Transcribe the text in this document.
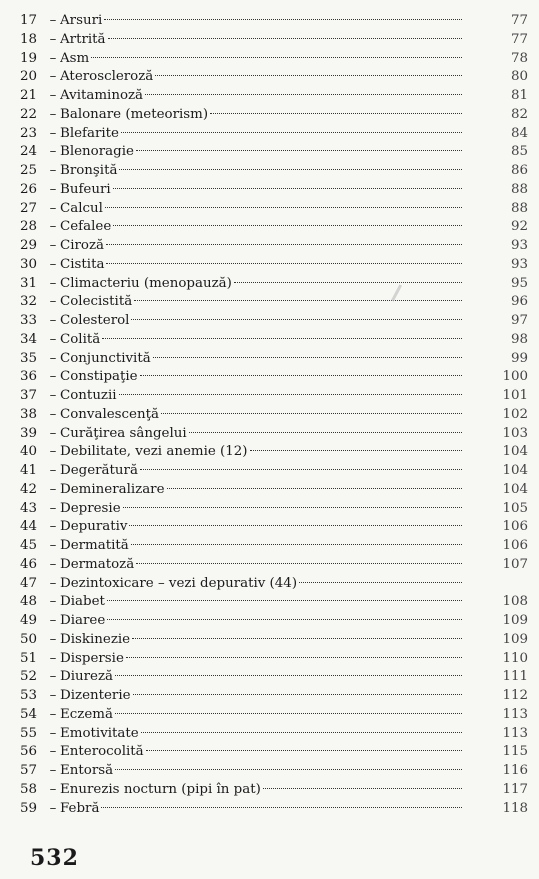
17 – Arsuri	77
18 – Artrită	77
19 – Asm	78
20 – Ateroscleroză	80
21 – Avitaminoză	81
22 – Balonare (meteorism)	82
23 – Blefarite	84
24 – Blenoragie	85
25 – Bronşită	86
26 – Bufeuri	88
27 – Calcul	88
28 – Cefalee	92
29 – Ciroză	93
30 – Cistita	93
31 – Climacteriu (menopauză)	95
32 – Colecistită	96
33 – Colesterol	97
34 – Colită	98
35 – Conjunctivită	99
36 – Constipaţie	100
37 – Contuzii	101
38 – Convalescenţă	102
39 – Curăţirea sângelui	103
40 – Debilitate, vezi anemie (12)	104
41 – Degerătură	104
42 – Demineralizare	104
43 – Depresie	105
44 – Depurativ	106
45 – Dermatită	106
46 – Dermatoză	107
47 – Dezintoxicare – vezi depurativ (44)
48 – Diabet	108
49 – Diaree	109
50 – Diskinezie	109
51 – Dispersie	110
52 – Diureză	111
53 – Dizenterie	112
54 – Eczemă	113
55 – Emotivitate	113
56 – Enterocolită	115
57 – Entorsă	116
58 – Enurezis nocturn (pipi în pat)	117
59 – Febră	118
532
